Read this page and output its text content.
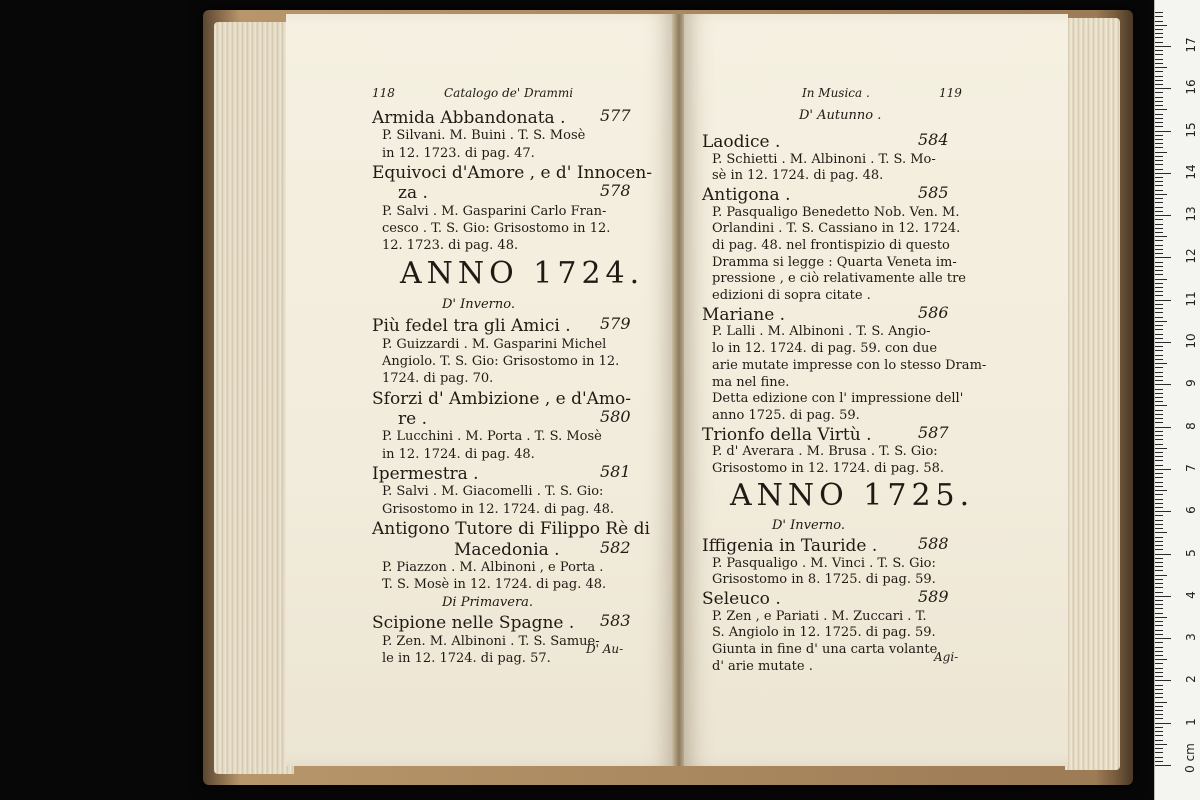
118	Catalogo de' Drammi
Armida Abbandonata . 577
P. Silvani. M. Buini . T. S. Mosè
in 12. 1723. di pag. 47.
Equivoci d'Amore , e d' Innocen-
za .	578
P. Salvi . M. Gasparini Carlo Fran-
cesco . T. S. Gio: Grisostomo in 12.
12. 1723. di pag. 48.
ANNO 1724.
D' Inverno.
Più fedel tra gli Amici . 579
P. Guizzardi . M. Gasparini Michel
Angiolo. T. S. Gio: Grisostomo in 12.
1724. di pag. 70.
Sforzi d' Ambizione , e d'Amo-
re .	580
P. Lucchini . M. Porta . T. S. Mosè
in 12. 1724. di pag. 48.
Ipermestra .	581
P. Salvi . M. Giacomelli . T. S. Gio:
Grisostomo in 12. 1724. di pag. 48.
Antigono Tutore di Filippo Rè di
Macedonia .	582
P. Piazzon . M. Albinoni , e Porta .
T. S. Mosè in 12. 1724. di pag. 48.
Di Primavera.
Scipione nelle Spagne . 583
P. Zen. M. Albinoni . T. S. Samue-
le in 12. 1724. di pag. 57.
D' Au-
In Musica .	119
D' Autunno .
Laodice .	584
P. Schietti . M. Albinoni . T. S. Mo-
sè in 12. 1724. di pag. 48.
Antigona .	585
P. Pasqualigo Benedetto Nob. Ven. M.
Orlandini . T. S. Cassiano in 12. 1724.
di pag. 48. nel frontispizio di questo
Dramma si legge : Quarta Veneta im-
pressione , e ciò relativamente alle tre
edizioni di sopra citate .
Mariane .	586
P. Lalli . M. Albinoni . T. S. Angio-
lo in 12. 1724. di pag. 59. con due
arie mutate impresse con lo stesso Dram-
ma nel fine.
Detta edizione con l' impressione dell'
anno 1725. di pag. 59.
Trionfo della Virtù .	587
P. d' Averara . M. Brusa . T. S. Gio:
Grisostomo in 12. 1724. di pag. 58.
ANNO 1725.
D' Inverno.
Iffigenia in Tauride .	588
P. Pasqualigo . M. Vinci . T. S. Gio:
Grisostomo in 8. 1725. di pag. 59.
Seleuco .	589
P. Zen , e Pariati . M. Zuccari . T.
S. Angiolo in 12. 1725. di pag. 59.
Giunta in fine d' una carta volante
d' arie mutate .
Agi-
0 cm
1
2
3
4
5
6
7
8
9
10
11
12
13
14
15
16
17
